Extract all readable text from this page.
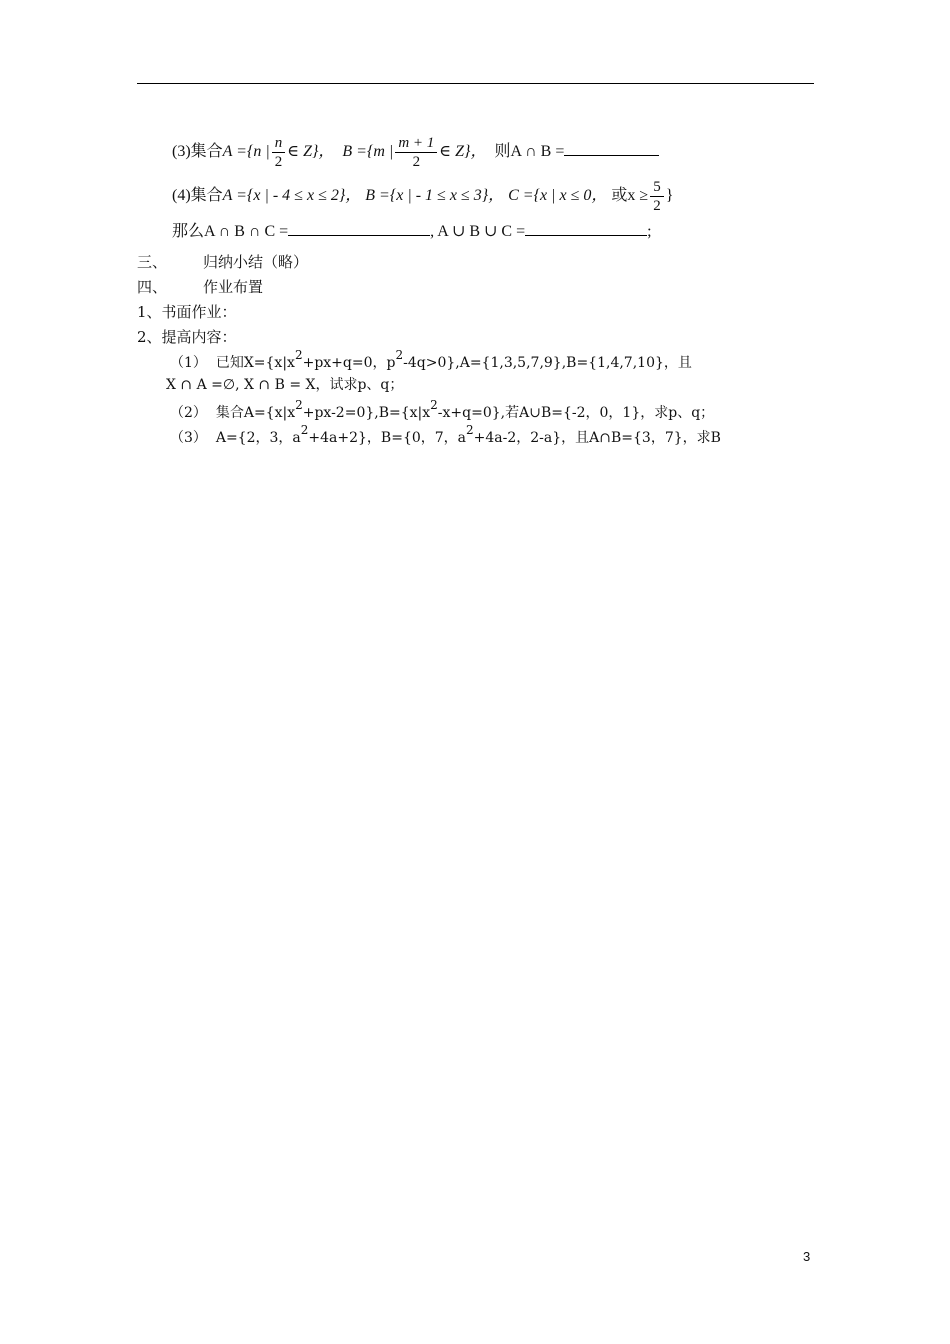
(3)集合A ={n | $\frac{n}{2}$ ∈ Z}， B ={m | $\frac{m + 1}{2}$ ∈ Z}， 则A ∩ B =
(4)集合A ={x | - 4 ≤ x ≤ 2}， B ={x | - 1 ≤ x ≤ 3}， C ={x | x ≤ 0， 或$x \ge \frac{5}{2}$ }
那么A ∩ B ∩ C =	, A ∪ B ∪ C =	;
三、 归纳小结（略）
四、 作业布置
1、书面作业：
2、提高内容：
（1） 已知$X=\{x|x^2+px+q=0$，$p^2-4q>0\},A=\{1,3,5,7,9\},B=\{1,4,7,10\}$，且
X ∩ A =∅, X ∩ B = X，试求p、q；
（2） 集合$A=\{x|x^2+px-2=0\},B=\{x|x^2-x+q=0\}$,若A∪B={-2，0，1}，求p、q；
（3） A={2，3，$a^2+4a+2$}，B={0，7，$a^2+4a-2$，2-a}，且A∩B={3，7}，求B
3
